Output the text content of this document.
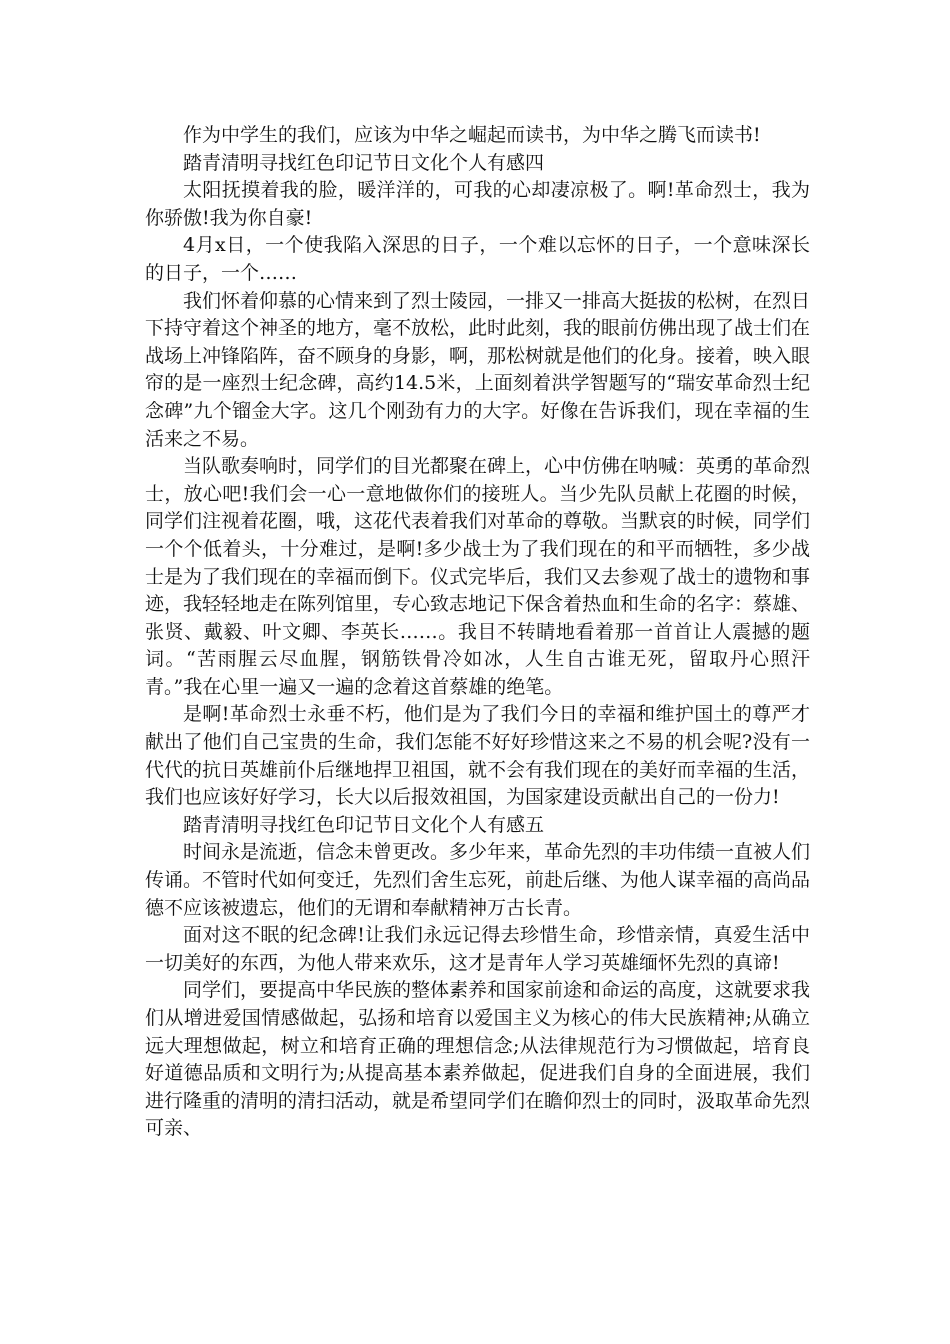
作为中学生的我们，应该为中华之崛起而读书，为中华之腾飞而读书!

踏青清明寻找红色印记节日文化个人有感四

太阳抚摸着我的脸，暖洋洋的，可我的心却凄凉极了。啊!革命烈士，我为你骄傲!我为你自豪!

4月x日，一个使我陷入深思的日子，一个难以忘怀的日子，一个意味深长的日子，一个……

我们怀着仰慕的心情来到了烈士陵园，一排又一排高大挺拔的松树，在烈日下持守着这个神圣的地方，毫不放松，此时此刻，我的眼前仿佛出现了战士们在战场上冲锋陷阵，奋不顾身的身影，啊，那松树就是他们的化身。接着，映入眼帘的是一座烈士纪念碑，高约14.5米，上面刻着洪学智题写的“瑞安革命烈士纪念碑”九个镏金大字。这几个刚劲有力的大字。好像在告诉我们，现在幸福的生活来之不易。

当队歌奏响时，同学们的目光都聚在碑上，心中仿佛在呐喊：英勇的革命烈士，放心吧!我们会一心一意地做你们的接班人。当少先队员献上花圈的时候，同学们注视着花圈，哦，这花代表着我们对革命的尊敬。当默哀的时候，同学们一个个低着头，十分难过，是啊!多少战士为了我们现在的和平而牺牲，多少战士是为了我们现在的幸福而倒下。仪式完毕后，我们又去参观了战士的遗物和事迹，我轻轻地走在陈列馆里，专心致志地记下保含着热血和生命的名字：蔡雄、张贤、戴毅、叶文卿、李英长……。我目不转睛地看着那一首首让人震撼的题词。“苦雨腥云尽血腥，钢筋铁骨冷如冰，人生自古谁无死，留取丹心照汗青。”我在心里一遍又一遍的念着这首蔡雄的绝笔。

是啊!革命烈士永垂不朽，他们是为了我们今日的幸福和维护国土的尊严才献出了他们自己宝贵的生命，我们怎能不好好珍惜这来之不易的机会呢?没有一代代的抗日英雄前仆后继地捍卫祖国，就不会有我们现在的美好而幸福的生活，我们也应该好好学习，长大以后报效祖国，为国家建设贡献出自己的一份力!

踏青清明寻找红色印记节日文化个人有感五

时间永是流逝，信念未曾更改。多少年来，革命先烈的丰功伟绩一直被人们传诵。不管时代如何变迁，先烈们舍生忘死，前赴后继、为他人谋幸福的高尚品德不应该被遗忘，他们的无谓和奉献精神万古长青。

面对这不眠的纪念碑!让我们永远记得去珍惜生命，珍惜亲情，真爱生活中一切美好的东西，为他人带来欢乐，这才是青年人学习英雄缅怀先烈的真谛!

同学们，要提高中华民族的整体素养和国家前途和命运的高度，这就要求我们从增进爱国情感做起，弘扬和培育以爱国主义为核心的伟大民族精神;从确立远大理想做起，树立和培育正确的理想信念;从法律规范行为习惯做起，培育良好道德品质和文明行为;从提高基本素养做起，促进我们自身的全面进展，我们进行隆重的清明的清扫活动，就是希望同学们在瞻仰烈士的同时，汲取革命先烈可亲、
